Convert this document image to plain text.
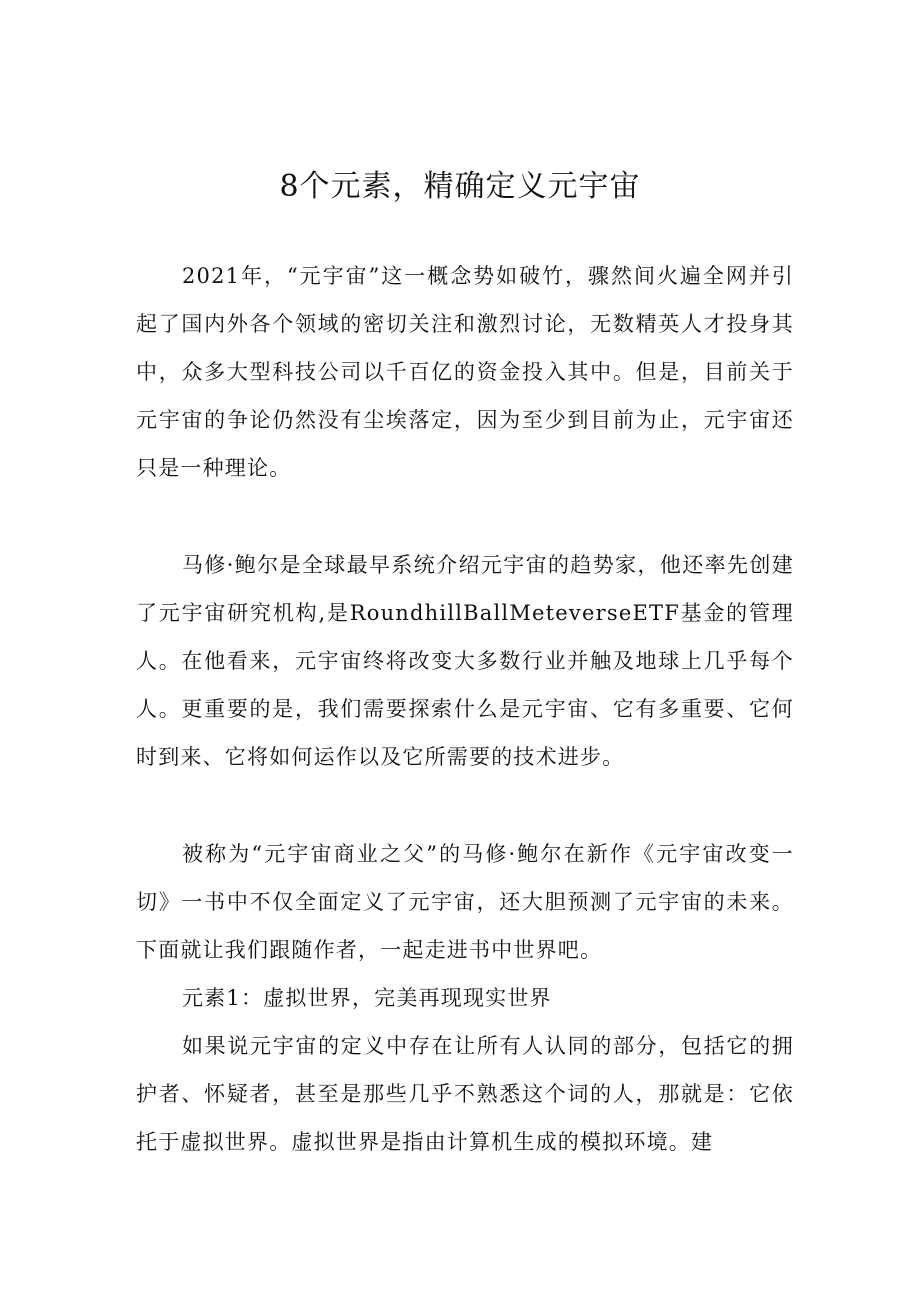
8个元素，精确定义元宇宙

2021年，“元宇宙”这一概念势如破竹，骤然间火遍全网并引起了国内外各个领域的密切关注和激烈讨论，无数精英人才投身其中，众多大型科技公司以千百亿的资金投入其中。但是，目前关于元宇宙的争论仍然没有尘埃落定，因为至少到目前为止，元宇宙还只是一种理论。

马修·鲍尔是全球最早系统介绍元宇宙的趋势家，他还率先创建了元宇宙研究机构,是RoundhillBallMeteverseETF基金的管理人。在他看来，元宇宙终将改变大多数行业并触及地球上几乎每个人。更重要的是，我们需要探索什么是元宇宙、它有多重要、它何时到来、它将如何运作以及它所需要的技术进步。

被称为“元宇宙商业之父”的马修·鲍尔在新作《元宇宙改变一切》一书中不仅全面定义了元宇宙，还大胆预测了元宇宙的未来。下面就让我们跟随作者，一起走进书中世界吧。

元素1：虚拟世界，完美再现现实世界

如果说元宇宙的定义中存在让所有人认同的部分，包括它的拥护者、怀疑者，甚至是那些几乎不熟悉这个词的人，那就是：它依托于虚拟世界。虚拟世界是指由计算机生成的模拟环境。建
